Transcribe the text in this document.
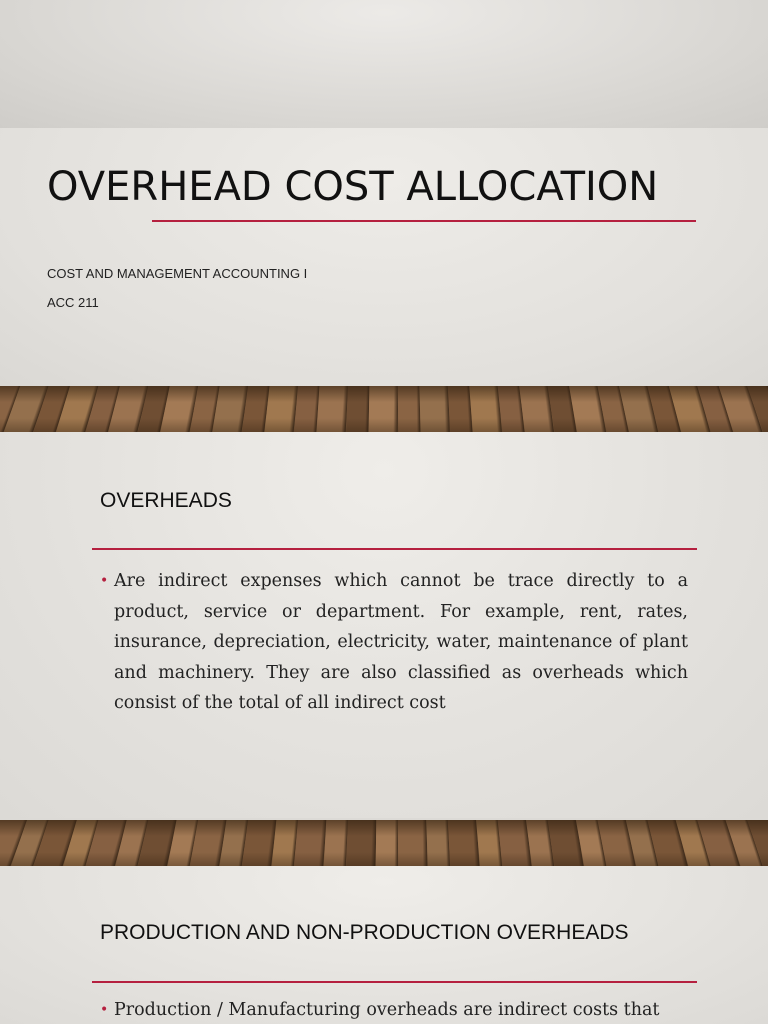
OVERHEAD COST ALLOCATION
COST AND MANAGEMENT ACCOUNTING I
ACC 211
OVERHEADS
• Are indirect expenses which cannot be trace directly to a product, service or department. For example, rent, rates, insurance, depreciation, electricity, water, maintenance of plant and machinery. They are also classified as overheads which consist of the total of all indirect cost
PRODUCTION AND NON-PRODUCTION OVERHEADS
• Production / Manufacturing overheads are indirect costs that
